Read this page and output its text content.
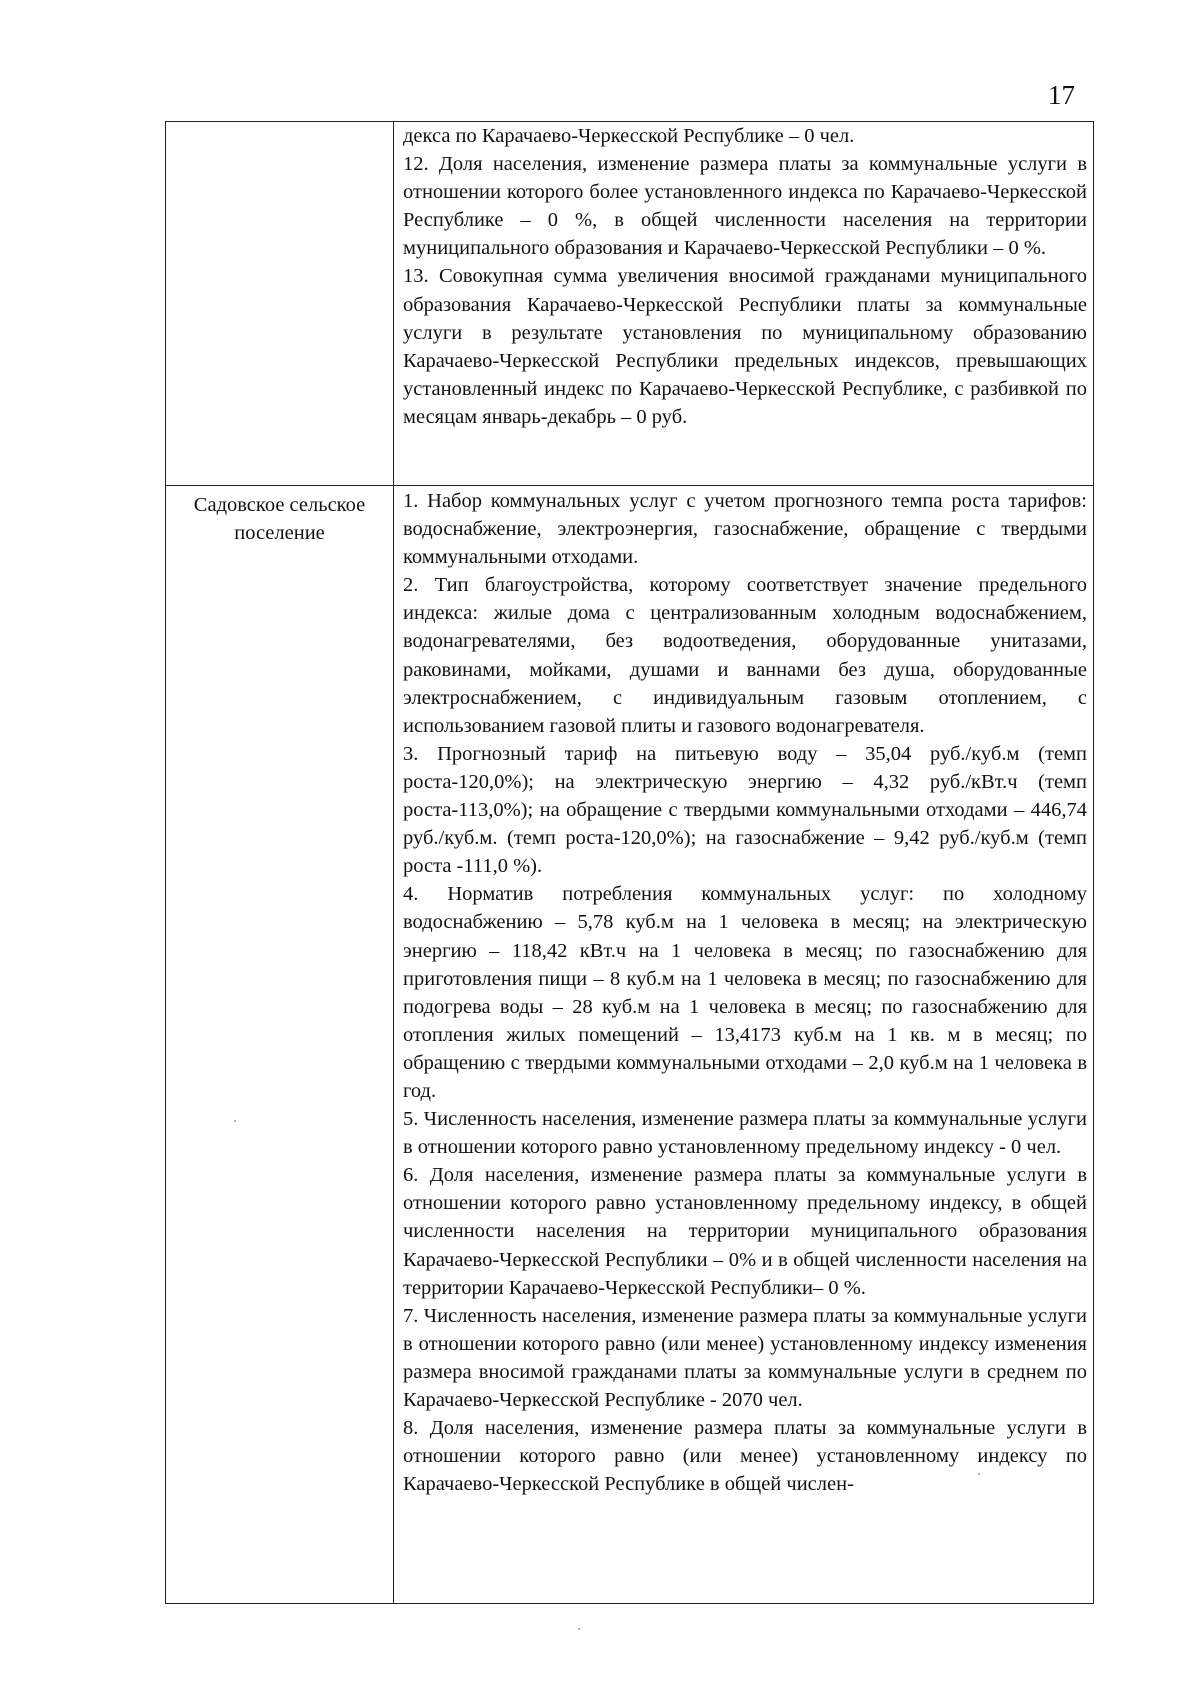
17

декса по Карачаево-Черкесской Республике – 0 чел.

12. Доля населения, изменение размера платы за коммунальные услуги в отношении которого более установленного индекса по Карачаево-Черкесской Республике – 0 %, в общей численности населения на территории муниципального образования и Карачаево-Черкесской Республики – 0 %.

13. Совокупная сумма увеличения вносимой гражданами муниципального образования Карачаево-Черкесской Республики платы за коммунальные услуги в результате установления по муниципальному образованию Карачаево-Черкесской Республики предельных индексов, превышающих установленный индекс по Карачаево-Черкесской Республике, с разбивкой по месяцам январь-декабрь – 0 руб.

Садовское сельское поселение

1. Набор коммунальных услуг с учетом прогнозного темпа роста тарифов: водоснабжение, электроэнергия, газоснабжение, обращение с твердыми коммунальными отходами.

2. Тип благоустройства, которому соответствует значение предельного индекса: жилые дома с централизованным холодным водоснабжением, водонагревателями, без водоотведения, оборудованные унитазами, раковинами, мойками, душами и ваннами без душа, оборудованные электроснабжением, с индивидуальным газовым отоплением, с использованием газовой плиты и газового водонагревателя.

3. Прогнозный тариф на питьевую воду – 35,04 руб./куб.м (темп роста-120,0%); на электрическую энергию – 4,32 руб./кВт.ч (темп роста-113,0%); на обращение с твердыми коммунальными отходами – 446,74 руб./куб.м. (темп роста-120,0%); на газоснабжение – 9,42 руб./куб.м (темп роста -111,0 %).

4. Норматив потребления коммунальных услуг: по холодному водоснабжению – 5,78 куб.м на 1 человека в месяц; на электрическую энергию – 118,42 кВт.ч на 1 человека в месяц; по газоснабжению для приготовления пищи – 8 куб.м на 1 человека в месяц; по газоснабжению для подогрева воды – 28 куб.м на 1 человека в месяц; по газоснабжению для отопления жилых помещений – 13,4173 куб.м на 1 кв. м в месяц; по обращению с твердыми коммунальными отходами – 2,0 куб.м на 1 человека в год.

5. Численность населения, изменение размера платы за коммунальные услуги в отношении которого равно установленному предельному индексу - 0 чел.

6. Доля населения, изменение размера платы за коммунальные услуги в отношении которого равно установленному предельному индексу, в общей численности населения на территории муниципального образования Карачаево-Черкесской Республики – 0% и в общей численности населения на территории Карачаево-Черкесской Республики– 0 %.

7. Численность населения, изменение размера платы за коммунальные услуги в отношении которого равно (или менее) установленному индексу изменения размера вносимой гражданами платы за коммунальные услуги в среднем по Карачаево-Черкесской Республике - 2070 чел.

8. Доля населения, изменение размера платы за коммунальные услуги в отношении которого равно (или менее) установленному индексу по Карачаево-Черкесской Республике в общей числен-
